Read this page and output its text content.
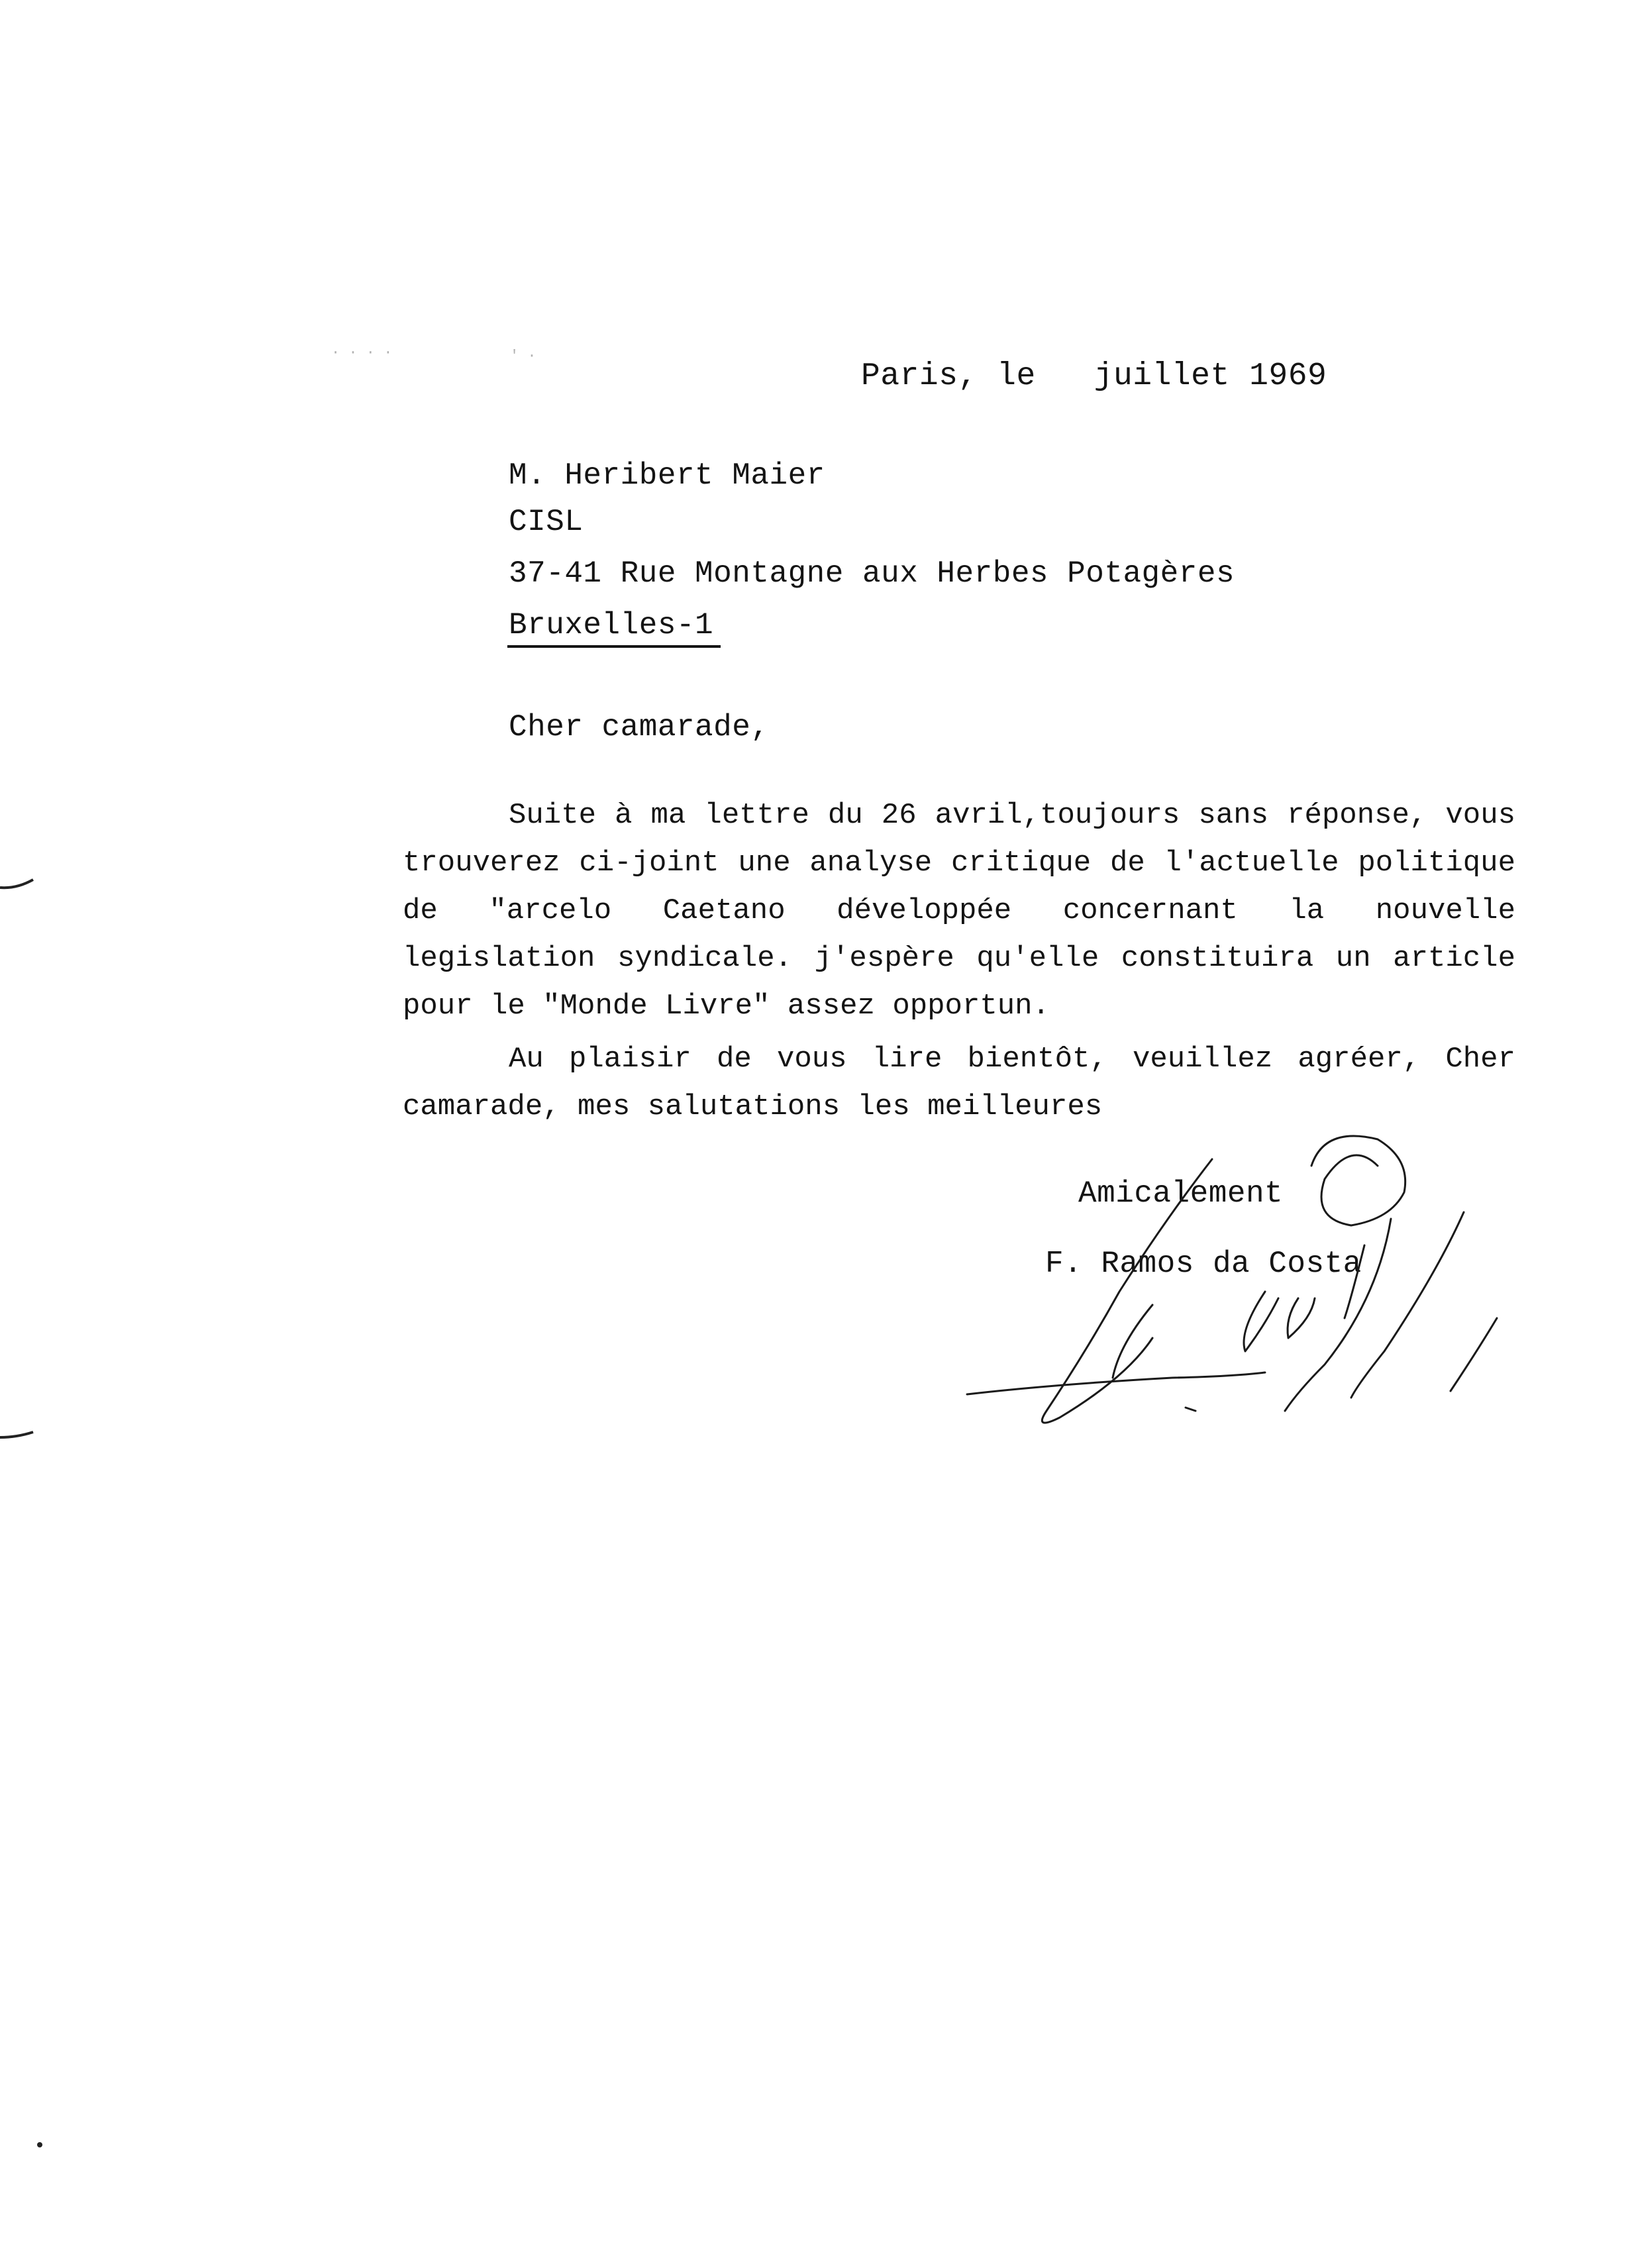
· · · ·	' ·
Paris, le   juillet 1969
M. Heribert Maier
CISL
37-41 Rue Montagne aux Herbes Potagères
Bruxelles-1
Cher camarade,

Suite à ma lettre du 26 avril,toujours sans réponse, vous trouverez ci-joint une analyse critique de l'actuelle politique de "arcelo Caetano développée concernant la nouvelle legislation syndicale. j'espère qu'elle constituira un article pour le "Monde Livre" assez opportun.

Au plaisir de vous lire bientôt, veuillez agréer, Cher camarade, mes salutations les meilleures

Amicalement
F. Ramos da Costa
